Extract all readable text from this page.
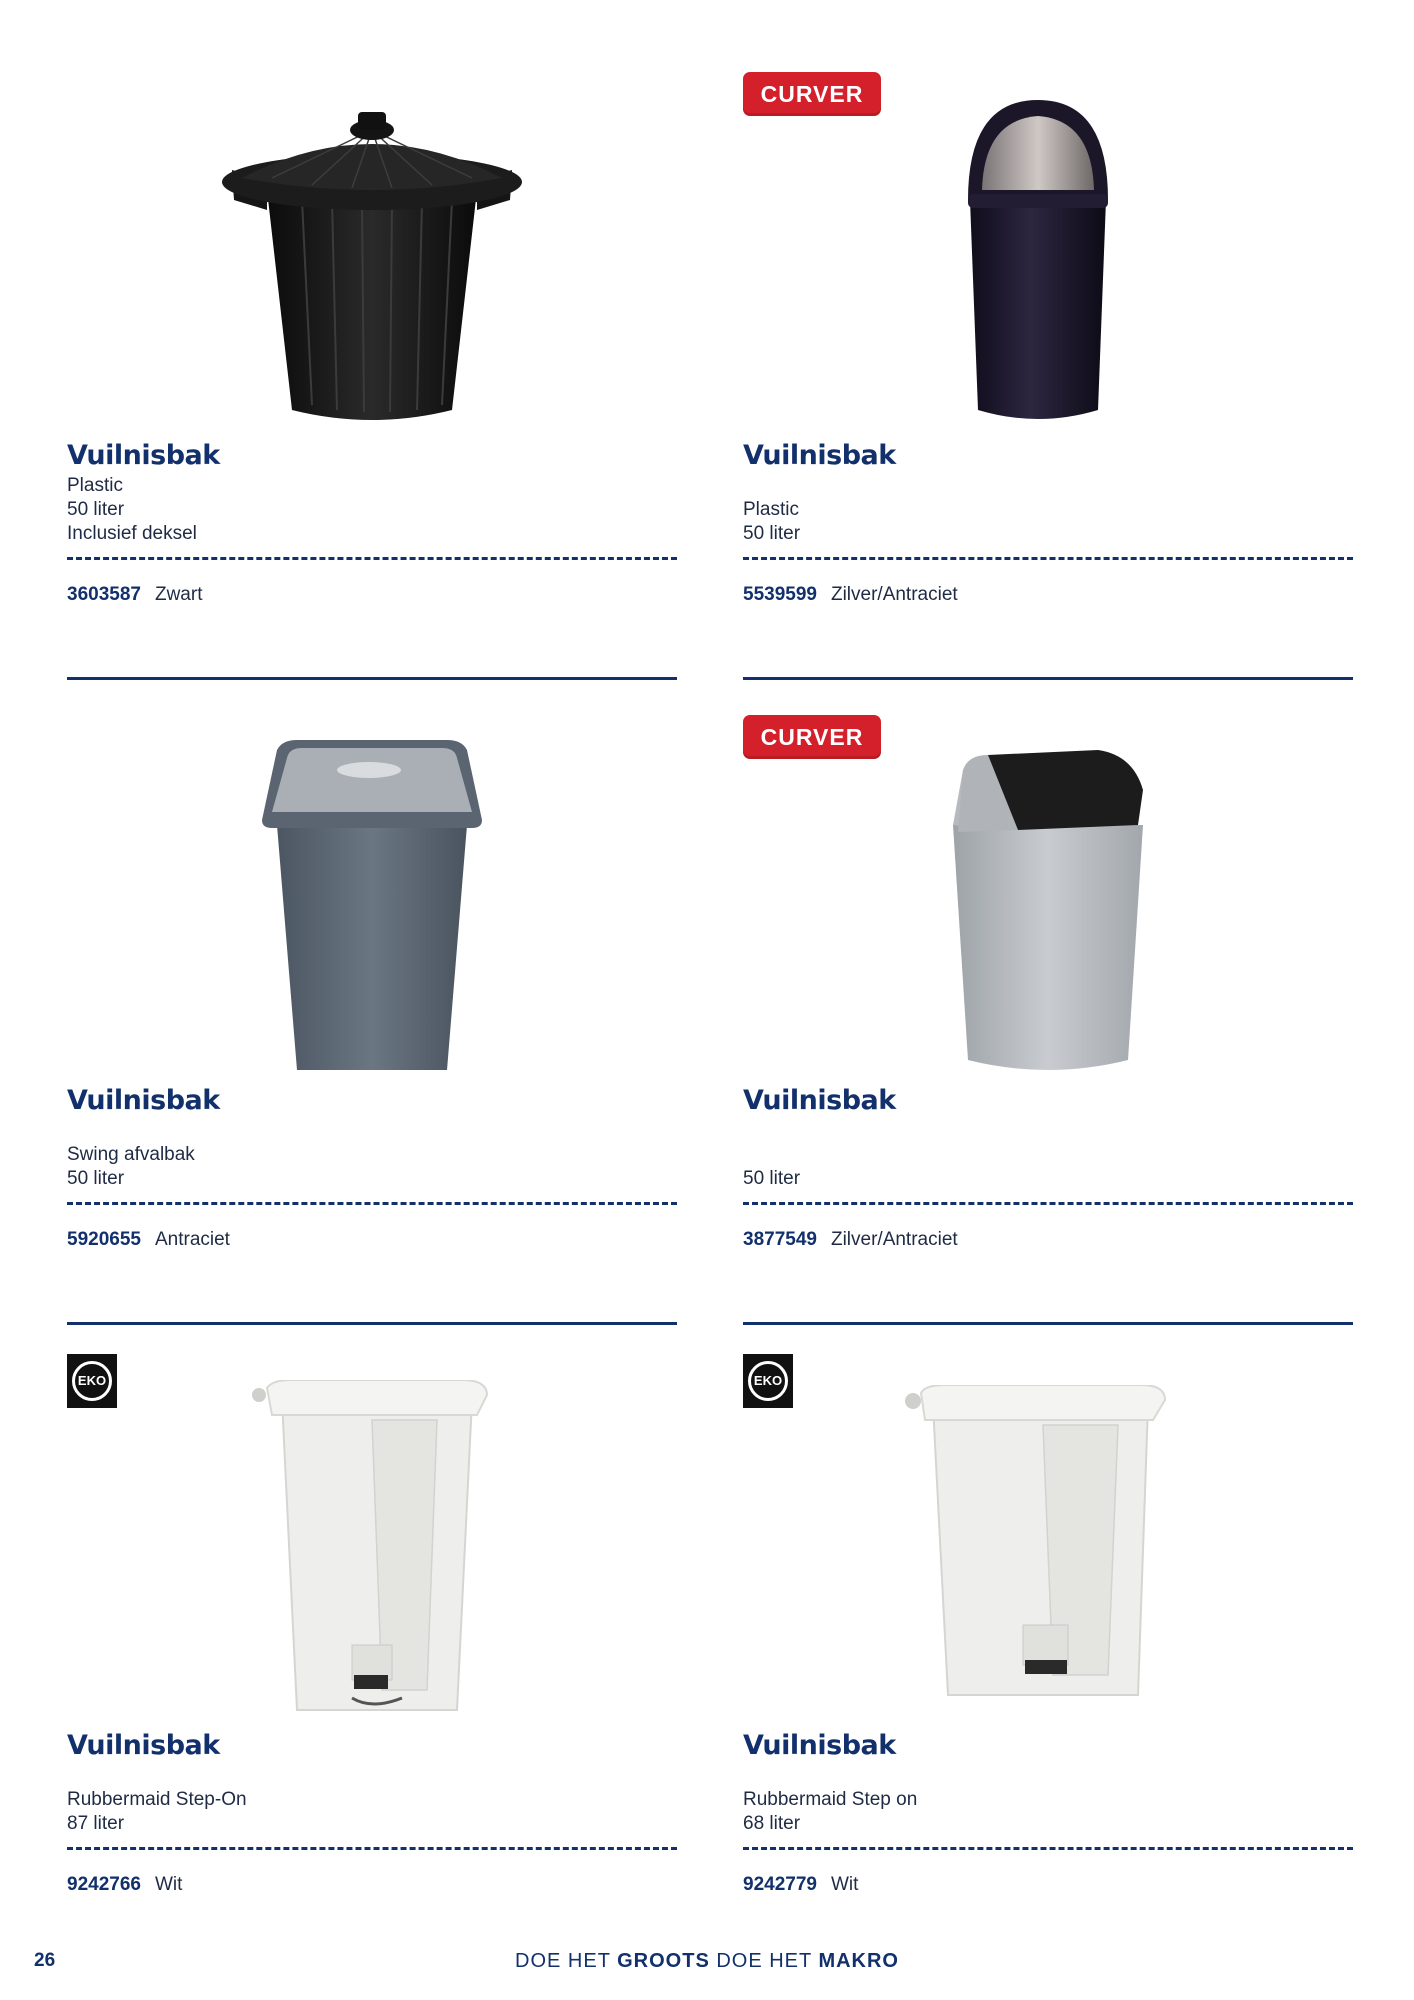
Vuilnisbak
Plastic
50 liter
Inclusief deksel
3603587 Zwart
CURVER
Vuilnisbak
Plastic
50 liter
5539599 Zilver/Antraciet
Vuilnisbak
Swing afvalbak
50 liter
5920655 Antraciet
CURVER
Vuilnisbak
50 liter
3877549 Zilver/Antraciet
EKO
Vuilnisbak
Rubbermaid Step-On
87 liter
9242766 Wit
EKO
Vuilnisbak
Rubbermaid Step on
68 liter
9242779 Wit
26	DOE HET GROOTS DOE HET MAKRO
